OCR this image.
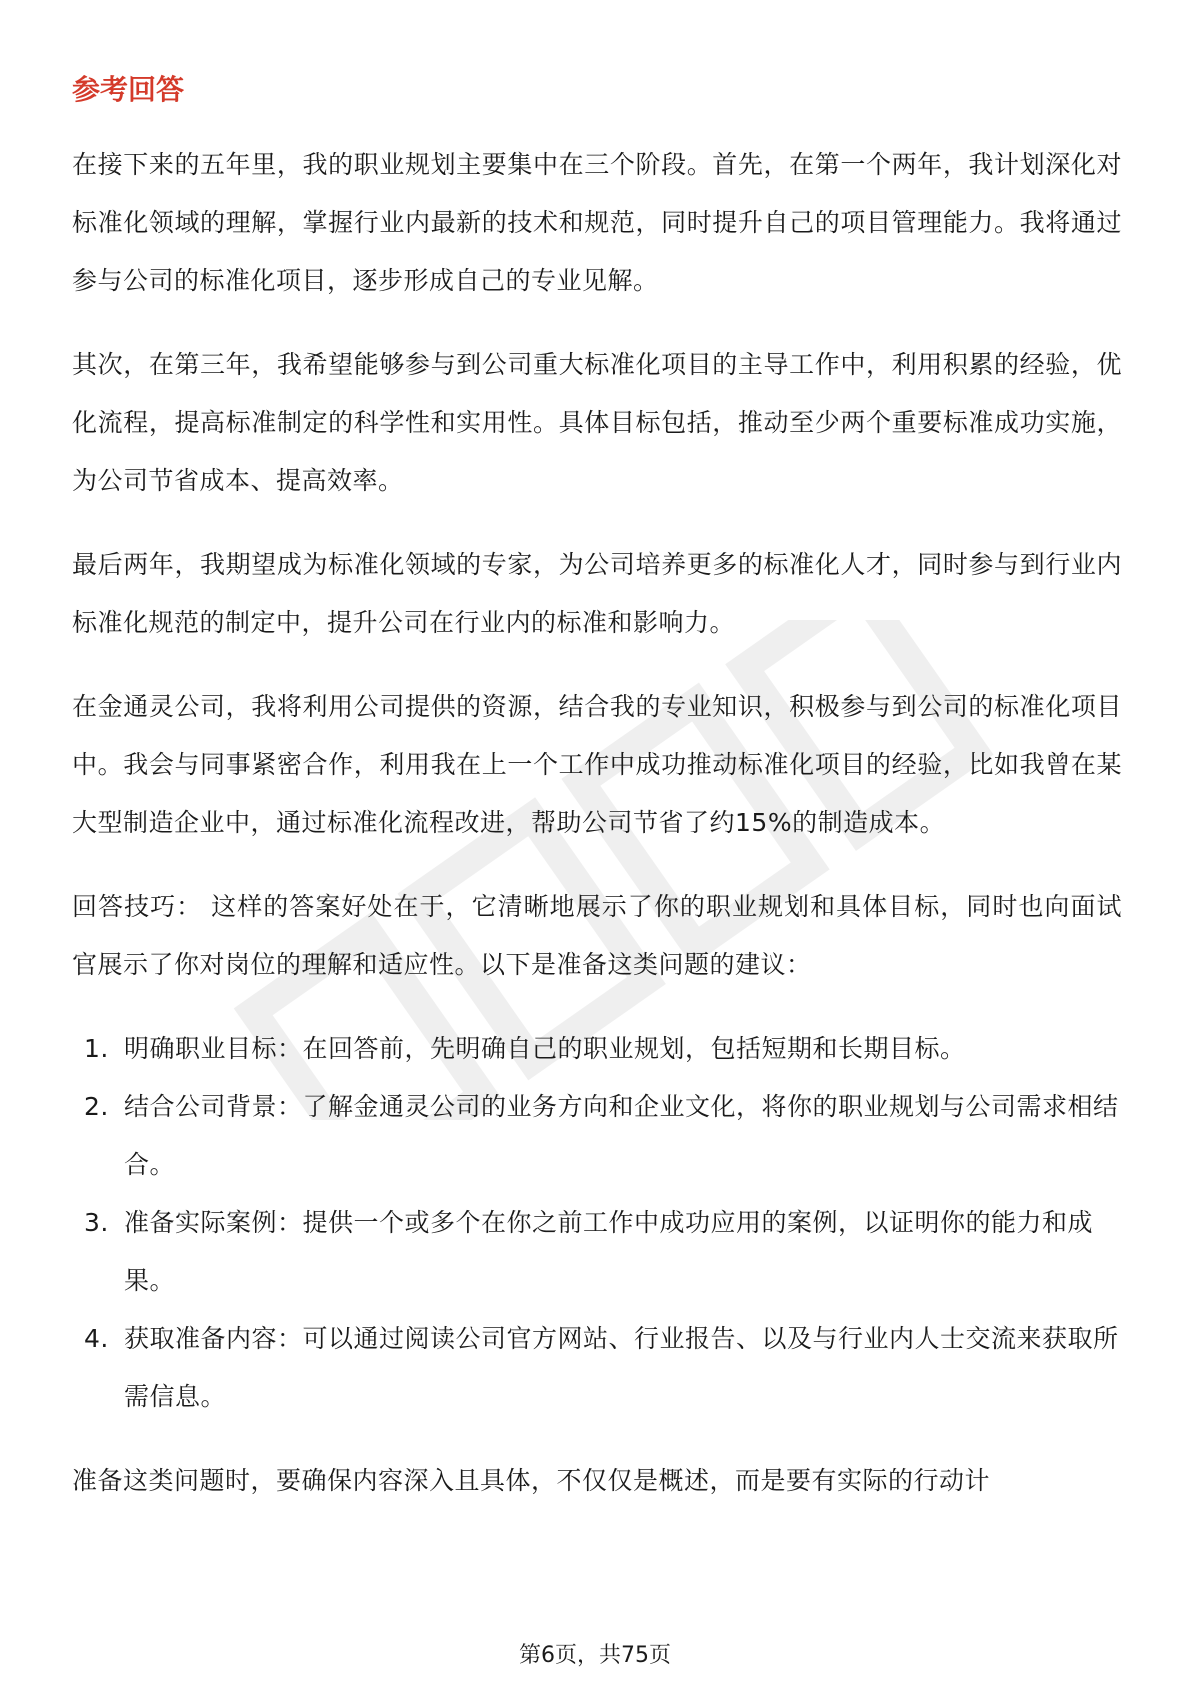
参考回答

在接下来的五年里，我的职业规划主要集中在三个阶段。首先，在第一个两年，我计划深化对标准化领域的理解，掌握行业内最新的技术和规范，同时提升自己的项目管理能力。我将通过参与公司的标准化项目，逐步形成自己的专业见解。

其次，在第三年，我希望能够参与到公司重大标准化项目的主导工作中，利用积累的经验，优化流程，提高标准制定的科学性和实用性。具体目标包括，推动至少两个重要标准成功实施，为公司节省成本、提高效率。

最后两年，我期望成为标准化领域的专家，为公司培养更多的标准化人才，同时参与到行业内标准化规范的制定中，提升公司在行业内的标准和影响力。

在金通灵公司，我将利用公司提供的资源，结合我的专业知识，积极参与到公司的标准化项目中。我会与同事紧密合作，利用我在上一个工作中成功推动标准化项目的经验，比如我曾在某大型制造企业中，通过标准化流程改进，帮助公司节省了约15%的制造成本。

回答技巧： 这样的答案好处在于，它清晰地展示了你的职业规划和具体目标，同时也向面试官展示了你对岗位的理解和适应性。以下是准备这类问题的建议：

1. 明确职业目标：在回答前，先明确自己的职业规划，包括短期和长期目标。
2. 结合公司背景：了解金通灵公司的业务方向和企业文化，将你的职业规划与公司需求相结合。
3. 准备实际案例：提供一个或多个在你之前工作中成功应用的案例，以证明你的能力和成果。
4. 获取准备内容：可以通过阅读公司官方网站、行业报告、以及与行业内人士交流来获取所需信息。

准备这类问题时，要确保内容深入且具体，不仅仅是概述，而是要有实际的行动计

第6页，共75页
